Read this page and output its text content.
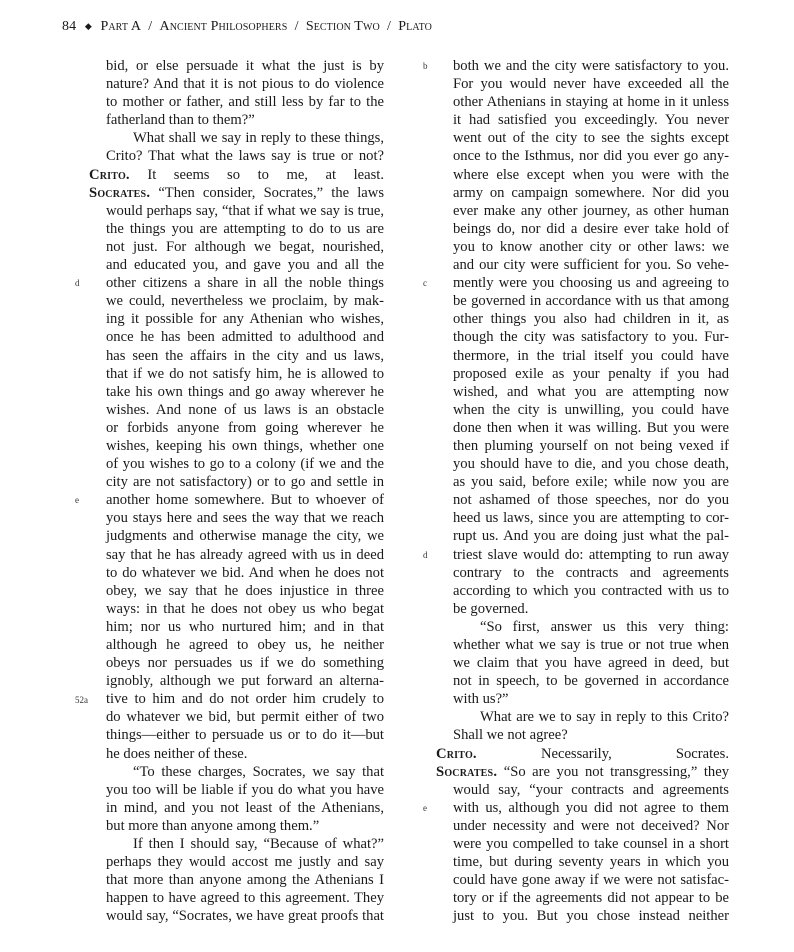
84 ◆ Part A / Ancient Philosophers / Section Two / Plato
bid, or else persuade it what the just is by
nature? And that it is not pious to do violence
to mother or father, and still less by far to the
fatherland than to them?”
What shall we say in reply to these things,
Crito? That what the laws say is true or not?
Crito. It seems so to me, at least.
Socrates. “Then consider, Socrates,” the laws
would perhaps say, “that if what we say is true,
the things you are attempting to do to us are
not just. For although we begat, nourished,
and educated you, and gave you and all the
other citizens a share in all the noble things
we could, nevertheless we proclaim, by mak-
ing it possible for any Athenian who wishes,
once he has been admitted to adulthood and
has seen the affairs in the city and us laws,
that if we do not satisfy him, he is allowed to
take his own things and go away wherever he
wishes. And none of us laws is an obstacle
or forbids anyone from going wherever he
wishes, keeping his own things, whether one
of you wishes to go to a colony (if we and the
city are not satisfactory) or to go and settle in
another home somewhere. But to whoever of
you stays here and sees the way that we reach
judgments and otherwise manage the city, we
say that he has already agreed with us in deed
to do whatever we bid. And when he does not
obey, we say that he does injustice in three
ways: in that he does not obey us who begat
him; nor us who nurtured him; and in that
although he agreed to obey us, he neither
obeys nor persuades us if we do something
ignobly, although we put forward an alterna-
tive to him and do not order him crudely to
do whatever we bid, but permit either of two
things—either to persuade us or to do it—but
he does neither of these.
“To these charges, Socrates, we say that
you too will be liable if you do what you have
in mind, and you not least of the Athenians,
but more than anyone among them.”
If then I should say, “Because of what?”
perhaps they would accost me justly and say
that more than anyone among the Athenians I
happen to have agreed to this agreement. They
would say, “Socrates, we have great proofs that
both we and the city were satisfactory to you.
For you would never have exceeded all the
other Athenians in staying at home in it unless
it had satisfied you exceedingly. You never
went out of the city to see the sights except
once to the Isthmus, nor did you ever go any-
where else except when you were with the
army on campaign somewhere. Nor did you
ever make any other journey, as other human
beings do, nor did a desire ever take hold of
you to know another city or other laws: we
and our city were sufficient for you. So vehe-
mently were you choosing us and agreeing to
be governed in accordance with us that among
other things you also had children in it, as
though the city was satisfactory to you. Fur-
thermore, in the trial itself you could have
proposed exile as your penalty if you had
wished, and what you are attempting now
when the city is unwilling, you could have
done then when it was willing. But you were
then pluming yourself on not being vexed if
you should have to die, and you chose death,
as you said, before exile; while now you are
not ashamed of those speeches, nor do you
heed us laws, since you are attempting to cor-
rupt us. And you are doing just what the pal-
triest slave would do: attempting to run away
contrary to the contracts and agreements
according to which you contracted with us to
be governed.
“So first, answer us this very thing:
whether what we say is true or not true when
we claim that you have agreed in deed, but
not in speech, to be governed in accordance
with us?”
What are we to say in reply to this Crito?
Shall we not agree?
Crito. Necessarily, Socrates.
Socrates. “So are you not transgressing,” they
would say, “your contracts and agreements
with us, although you did not agree to them
under necessity and were not deceived? Nor
were you compelled to take counsel in a short
time, but during seventy years in which you
could have gone away if we were not satisfac-
tory or if the agreements did not appear to be
just to you. But you chose instead neither
d
e
52a
b
c
d
e
